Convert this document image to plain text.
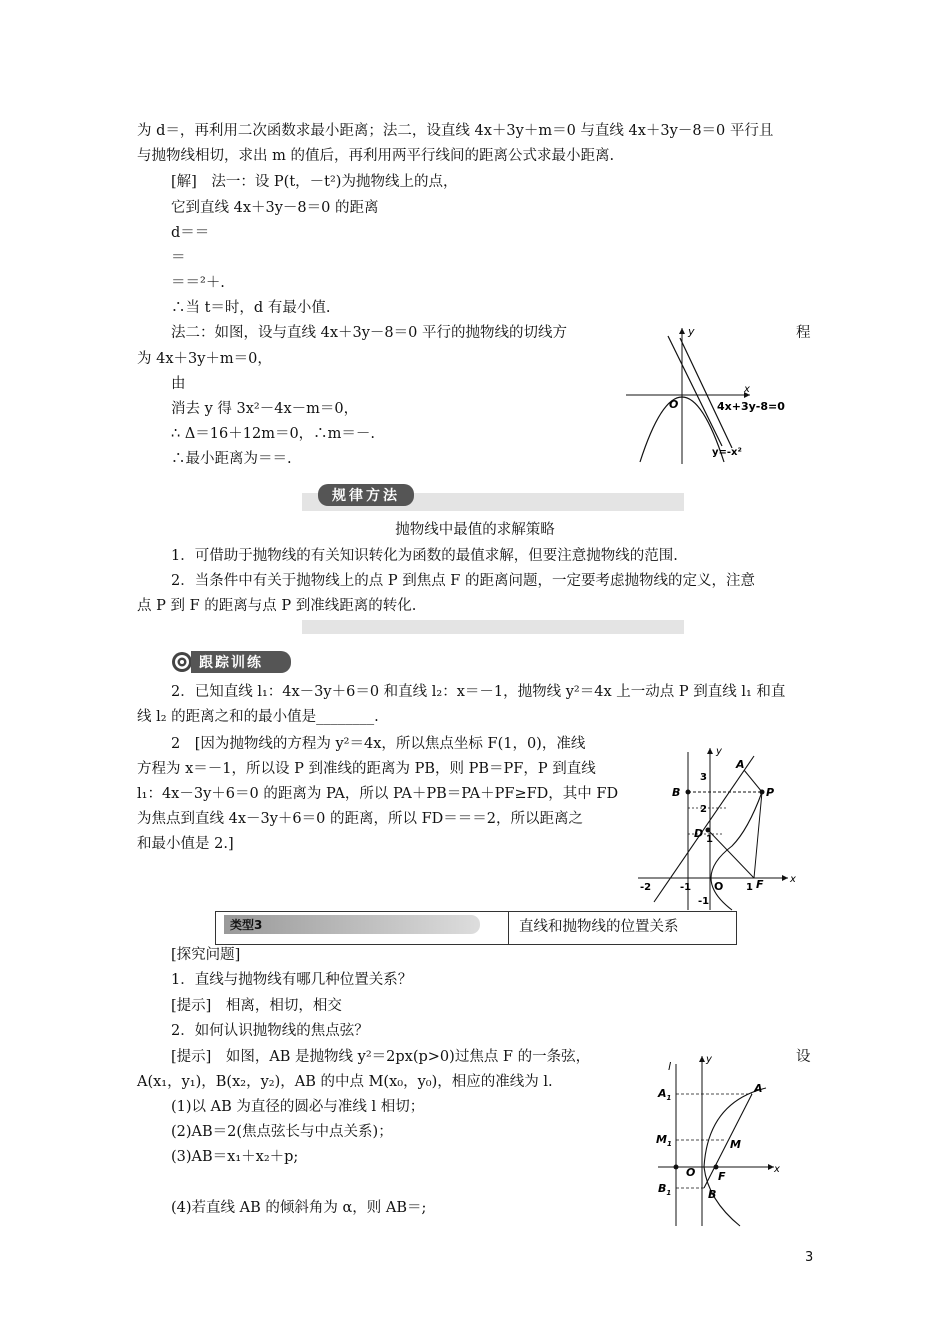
为 d＝，再利用二次函数求最小距离；法二，设直线 4x＋3y＋m＝0 与直线 4x＋3y－8＝0 平行且
与抛物线相切，求出 m 的值后，再利用两平行线间的距离公式求最小距离.
[解]　法一：设 P(t，－t²)为抛物线上的点，
它到直线 4x＋3y－8＝0 的距离
d＝＝
＝
＝＝²＋.
∴当 t＝时，d 有最小值.
法二：如图，设与直线 4x＋3y－8＝0 平行的抛物线的切线方	程
为 4x＋3y＋m＝0，
由
消去 y 得 3x²－4x－m＝0，
∴ Δ＝16＋12m＝0，∴m＝－.
∴最小距离为＝＝.
y
x
O	4x+3y-8=0
y=-x²
规律方法
抛物线中最值的求解策略
1．可借助于抛物线的有关知识转化为函数的最值求解，但要注意抛物线的范围.
2．当条件中有关于抛物线上的点 P 到焦点 F 的距离问题，一定要考虑抛物线的定义，注意
点 P 到 F 的距离与点 P 到准线距离的转化.
跟踪训练
2．已知直线 l₁：4x－3y＋6＝0 和直线 l₂：x＝－1，抛物线 y²＝4x 上一动点 P 到直线 l₁ 和直
线 l₂ 的距离之和的最小值是________.
2　[因为抛物线的方程为 y²＝4x，所以焦点坐标 F(1，0)，准线
方程为 x＝－1，所以设 P 到准线的距离为 PB，则 PB＝PF，P 到直线
l₁：4x－3y＋6＝0 的距离为 PA，所以 PA＋PB＝PA＋PF≥FD，其中 FD
为焦点到直线 4x－3y＋6＝0 的距离，所以 FD＝＝＝2，所以距离之
和最小值是 2.]
y
x
O
3
2
1
-1
-2	-1	1
A
B	P
D
F
类型3	直线和抛物线的位置关系
[探究问题]
1．直线与抛物线有哪几种位置关系？
[提示]　相离，相切，相交
2．如何认识抛物线的焦点弦？
[提示]　如图，AB 是抛物线 y²＝2px(p>0)过焦点 F 的一条弦，	设
A(x₁，y₁)，B(x₂，y₂)，AB 的中点 M(x₀，y₀)，相应的准线为 l.
(1)以 AB 为直径的圆必与准线 l 相切；
(2)AB＝2(焦点弦长与中点关系)；
(3)AB＝x₁＋x₂＋p;
(4)若直线 AB 的倾斜角为 α，则 AB＝;
l
y
x
O
A
$A_1$
M
$M_1$
B
$B_1$
F
3
